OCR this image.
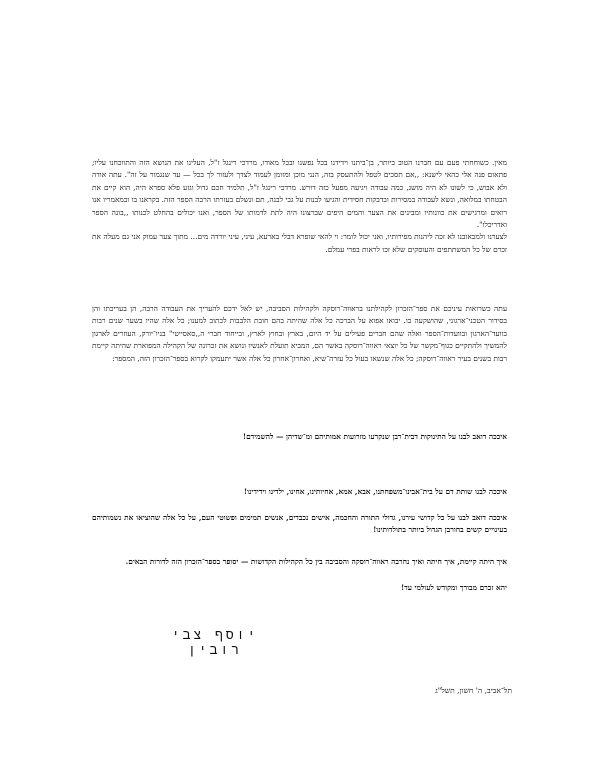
מאין. כשוחחתי פעם עם חברנו הטוב ביותר, בן־ביתנו וידידנו בכל נפשנו ובכל מאודו, מרדכי רינגל ז"ל, העלינו את הנושא הזה והתווכחנו עליו; פתאום פנה אלי כהאי לישנא: ,,אם תסכים לטפל ולהתעסק בזה, הנני מוכן ומזומן לעמוד לצדך ולעזור לך בכל — עד שנגמור על זה". עתה אודה ולא אבוש, כי לשונו לא היה מושג, כמה עבודה ויגיעה מפעל כזה דורש. מרדכי רינגל ז"ל, תלמיד חכם גדול וגזע פלא ספרא היה, הוא קיים את הבטחתו במלואה, ונשא לעבודה במסירות ובדבקות חסידית והגיעו לבנות על גבי לבנה, תם ונשלם בעזרתו הרבה הספר הזה. בקראנו בו ובמאמריו אנו רואים ומרגישים את כוונותיו ומבינים את הצער והמים היפים שברצונו היה לתת לדמותו של הספר, ואנו יכולים בהחלט לכנותו ,,בונה הספר ואדריכלו".

לצערנו ולמכאובנו לא זכה ליהנות מפירותיו, ואני יכול לומר: וי להאי שופרא דבלי בארעא, עיני, עיני יורדה מים... מתוך צער עמוק אני גם מעלה את זכרם של כל המשתתפים והעוסקים שלא זכו לראות בפרי עמלם.

עתה כשרואות עיניכם את ספר־הזכרון לקהילתנו בראווה־רוסקה ולקהילות הסביבה, יש לאל ידכם להעריך את העבודה הרבה, הן בעריכתו והן בסידור הטכני־ארגוני, שהושקעה בו. יבואו אפוא על הברכה כל אלה שהיתה בהם חובת הלבבות לכתוב למענו; כל אלה שהיו בשער שנים רבות בוועד־הארגון ובוועדות־הספר ואלה שהם חברים פעילים על יד היום, בארץ ובחוץ לארץ, ובייחוד חברי ה,,סאסייטי" בניו־יורק, העוזרים לארגון להמשיך ולהתקיים כגוף־מקשר של כל יוצאי ראווה־רוסקה באשר הם, המביא תועלת לאנשיו ונושא את זכרונה של הקהילה המפוארת שהיתה קיימת רבות בשנים בעיר ראווה־רוסקה; כל אלה שנשאו בעול כל עזרה־שיא, ואחרון־אחרון כל אלה אשר יתעמקו לקרוא בספר־הזכרון הזה, המספר:

איככה דואב לבנו על התינוקות דבית־רבן שנקרעו מזרועות אמותיהם ומ־שדיהן — להשמידם!

איככה לבנו שותת דם על בית־אבינו־משפחתנו, אבא, אמא, אחיותינו, אחינו, ילדינו וידידינו!

איככה דואב לבנו על כל קדושי עירנו, גדולי התורה והחכמה, אישים נכבדים, אנשים תמימים ופשוטי העם, על כל אלה שהוציאו את נשמותיהם בעינויים קשים בחורבן הגדול ביותר בתולדותינו!

איך היתה קיימת, איך חיתה ואיך נחרבה ראווה־רוסקה והסביבה בין כל הקהילות הקדושות — יסופר בספר־הזכרון הזה לדורות הבאים.

יהא זכרם מבורך ומקודש לעולמי עד!

יוסף צבי רובין
תל־אביב, ה' חשון, תשל"ג
